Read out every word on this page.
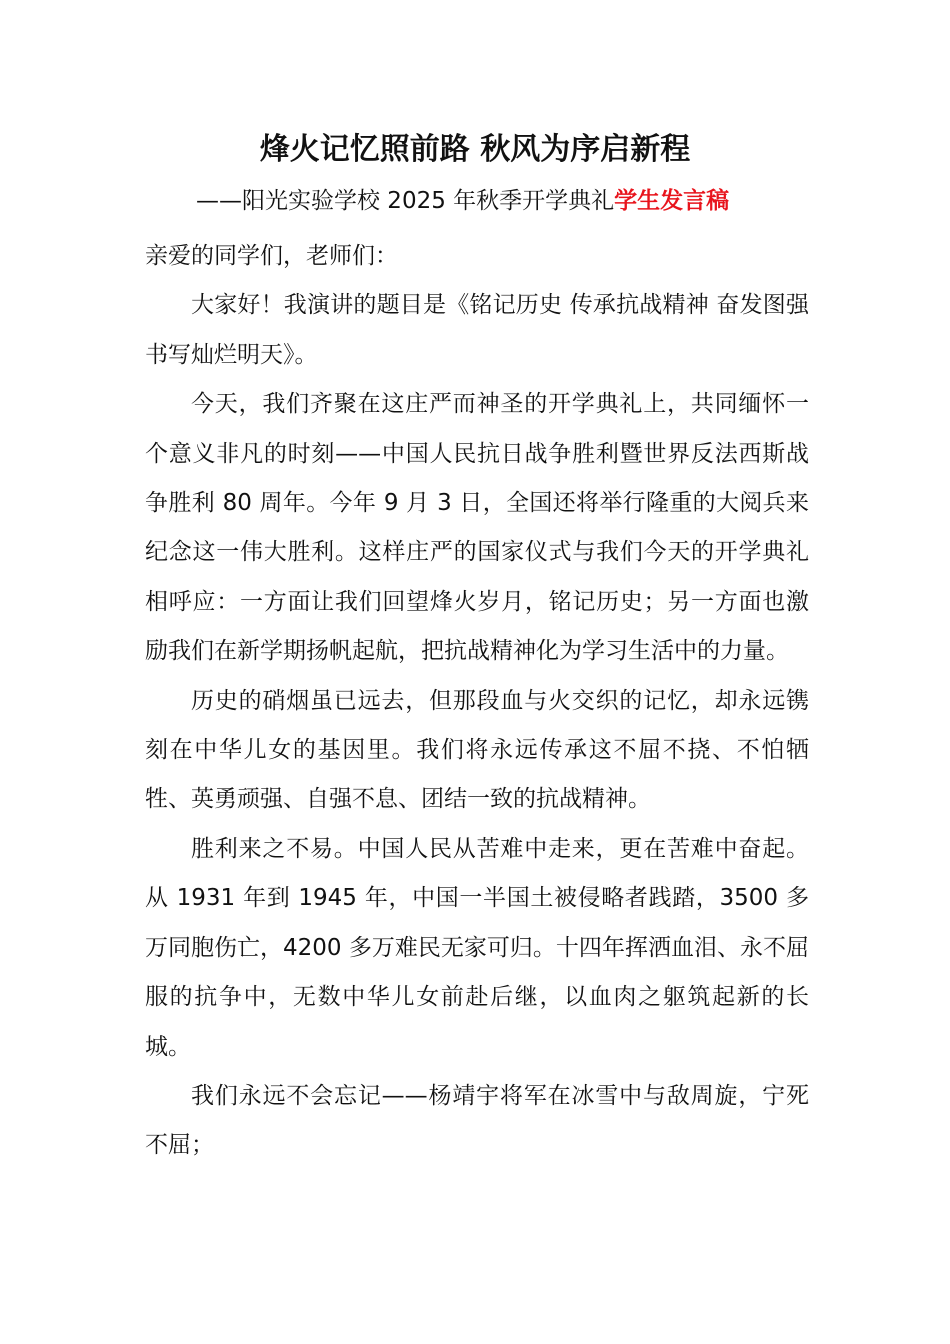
烽火记忆照前路 秋风为序启新程
——阳光实验学校 2025 年秋季开学典礼学生发言稿

亲爱的同学们，老师们：

大家好！我演讲的题目是《铭记历史 传承抗战精神 奋发图强 书写灿烂明天》。

今天，我们齐聚在这庄严而神圣的开学典礼上，共同缅怀一个意义非凡的时刻——中国人民抗日战争胜利暨世界反法西斯战争胜利 80 周年。今年 9 月 3 日，全国还将举行隆重的大阅兵来纪念这一伟大胜利。这样庄严的国家仪式与我们今天的开学典礼相呼应：一方面让我们回望烽火岁月，铭记历史；另一方面也激励我们在新学期扬帆起航，把抗战精神化为学习生活中的力量。

历史的硝烟虽已远去，但那段血与火交织的记忆，却永远镌刻在中华儿女的基因里。我们将永远传承这不屈不挠、不怕牺牲、英勇顽强、自强不息、团结一致的抗战精神。

胜利来之不易。中国人民从苦难中走来，更在苦难中奋起。从 1931 年到 1945 年，中国一半国土被侵略者践踏，3500 多万同胞伤亡，4200 多万难民无家可归。十四年挥洒血泪、永不屈服的抗争中，无数中华儿女前赴后继，以血肉之躯筑起新的长城。

我们永远不会忘记——杨靖宇将军在冰雪中与敌周旋，宁死不屈；
